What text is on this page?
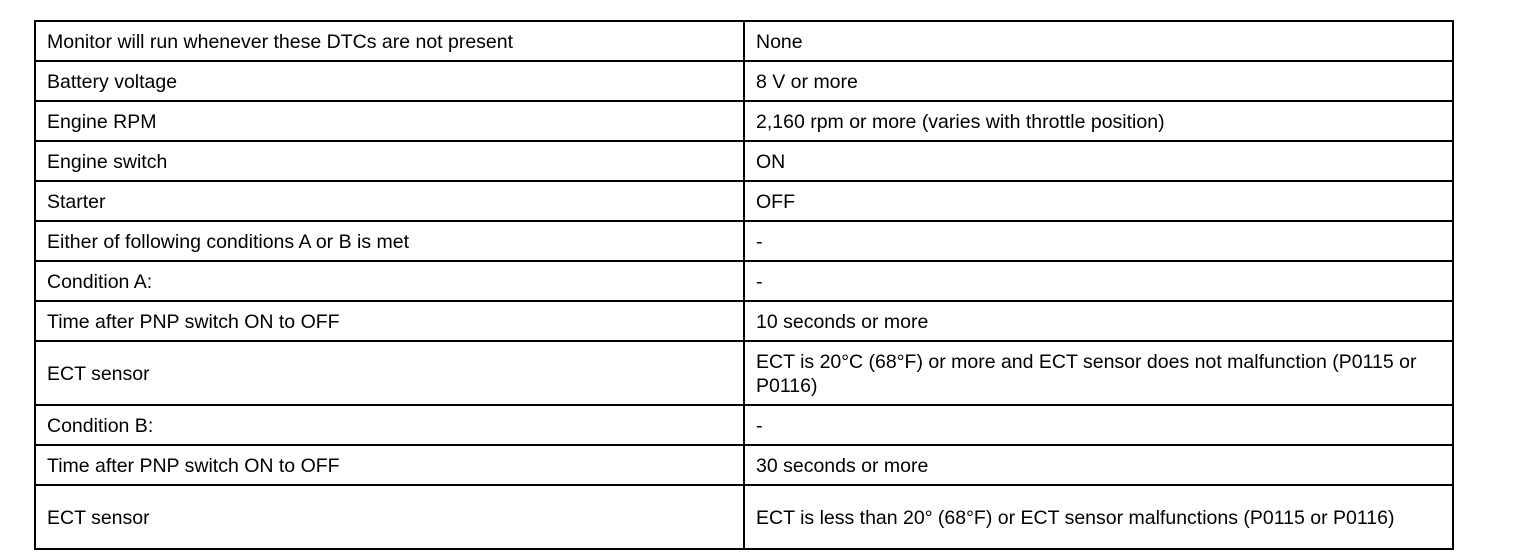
Monitor will run whenever these DTCs are not present	None
Battery voltage	8 V or more
Engine RPM	2,160 rpm or more (varies with throttle position)
Engine switch	ON
Starter	OFF
Either of following conditions A or B is met	-
Condition A:	-
Time after PNP switch ON to OFF	10 seconds or more
ECT sensor	ECT is 20°C (68°F) or more and ECT sensor does not malfunction (P0115 or P0116)
Condition B:	-
Time after PNP switch ON to OFF	30 seconds or more
ECT sensor	ECT is less than 20° (68°F) or ECT sensor malfunctions (P0115 or P0116)
